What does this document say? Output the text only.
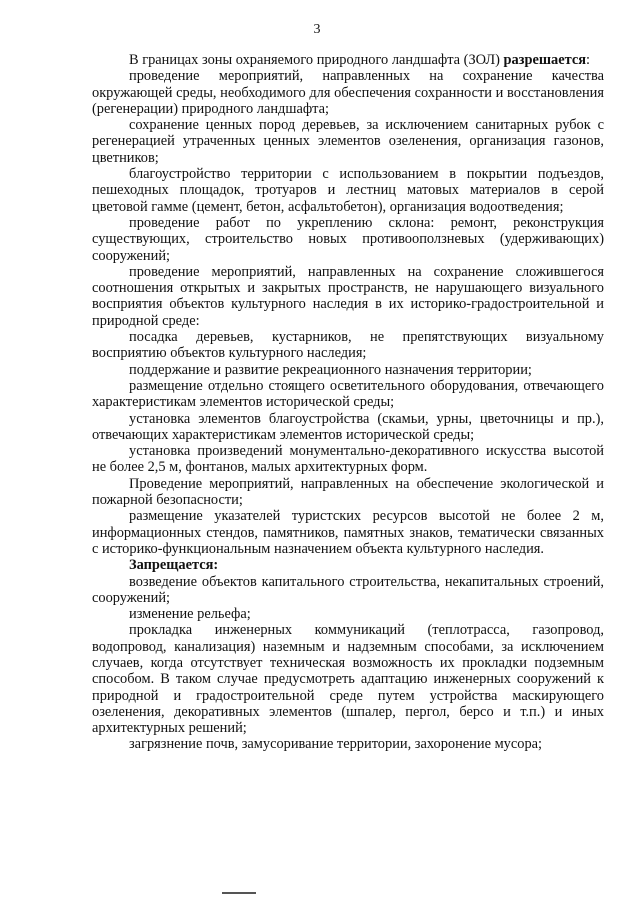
3

В границах зоны охраняемого природного ландшафта (ЗОЛ) разрешается:

проведение мероприятий, направленных на сохранение качества окружающей среды, необходимого для обеспечения сохранности и восстановления (регенерации) природного ландшафта;

сохранение ценных пород деревьев, за исключением санитарных рубок с регенерацией утраченных ценных элементов озеленения, организация газонов, цветников;

благоустройство территории с использованием в покрытии подъездов, пешеходных площадок, тротуаров и лестниц матовых материалов в серой цветовой гамме (цемент, бетон, асфальтобетон), организация водоотведения;

проведение работ по укреплению склона: ремонт, реконструкция существующих, строительство новых противооползневых (удерживающих) сооружений;

проведение мероприятий, направленных на сохранение сложившегося соотношения открытых и закрытых пространств, не нарушающего визуального восприятия объектов культурного наследия в их историко-градостроительной и природной среде:

посадка деревьев, кустарников, не препятствующих визуальному восприятию объектов культурного наследия;

поддержание и развитие рекреационного назначения территории;

размещение отдельно стоящего осветительного оборудования, отвечающего характеристикам элементов исторической среды;

установка элементов благоустройства (скамьи, урны, цветочницы и пр.), отвечающих характеристикам элементов исторической среды;

установка произведений монументально-декоративного искусства высотой не более 2,5 м, фонтанов, малых архитектурных форм.

Проведение мероприятий, направленных на обеспечение экологической и пожарной безопасности;

размещение указателей туристских ресурсов высотой не более 2 м, информационных стендов, памятников, памятных знаков, тематически связанных с историко-функциональным назначением объекта культурного наследия.

Запрещается:

возведение объектов капитального строительства, некапитальных строений, сооружений;

изменение рельефа;

прокладка инженерных коммуникаций (теплотрасса, газопровод, водопровод, канализация) наземным и надземным способами, за исключением случаев, когда отсутствует техническая возможность их прокладки подземным способом. В таком случае предусмотреть адаптацию инженерных сооружений к природной и градостроительной среде путем устройства маскирующего озеленения, декоративных элементов (шпалер, пергол, берсо и т.п.) и иных архитектурных решений;

загрязнение почв, замусоривание территории, захоронение мусора;
